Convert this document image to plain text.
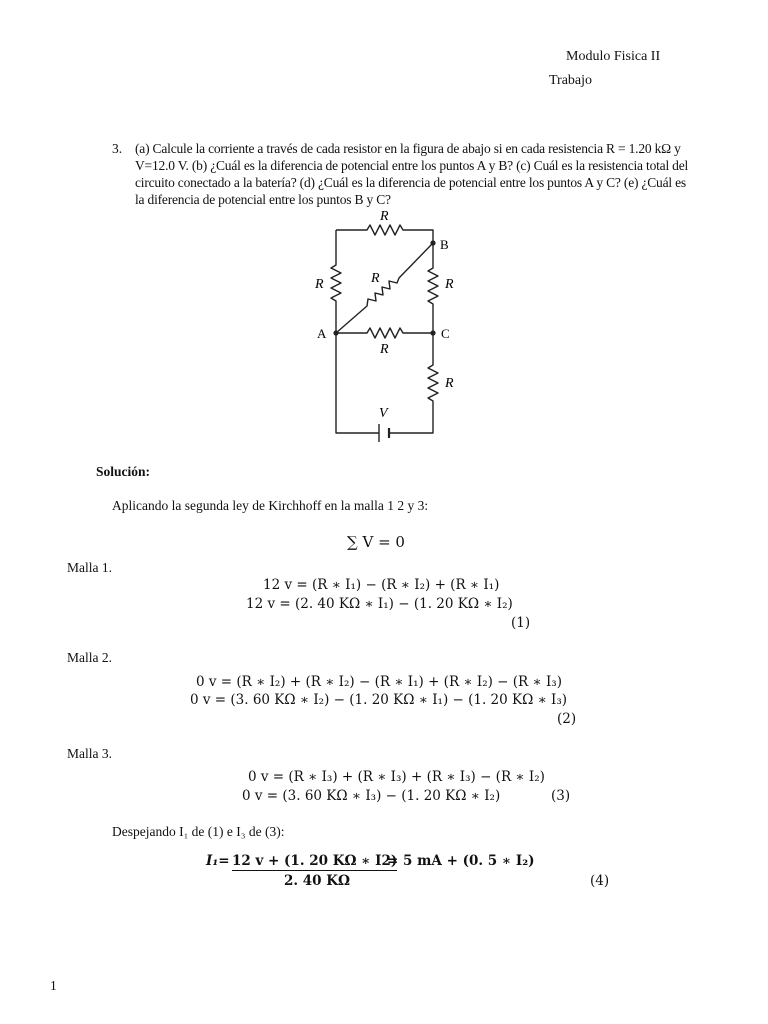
Modulo Fisica II
Trabajo
3. (a) Calcule la corriente a través de cada resistor en la figura de abajo si en cada resistencia R = 1.20 kΩ y V=12.0 V. (b) ¿Cuál es la diferencia de potencial entre los puntos A y B? (c) Cuál es la resistencia total del circuito conectado a la batería? (d) ¿Cuál es la diferencia de potencial entre los puntos A y C? (e) ¿Cuál es la diferencia de potencial entre los puntos B y C?
R
R	R	R
R
R
V
A
B
C
Solución:
Aplicando la segunda ley de Kirchhoff en la malla 1 2 y 3:
∑ V = 0
Malla 1.
12 v = (R ∗ I₁) − (R ∗ I₂) + (R ∗ I₁)
12 v = (2. 40 KΩ ∗ I₁) − (1. 20 KΩ ∗ I₂)
(1)
Malla 2.
0 v = (R ∗ I₂) + (R ∗ I₂) − (R ∗ I₁) + (R ∗ I₂) − (R ∗ I₃)
0 v = (3. 60 KΩ ∗ I₂) − (1. 20 KΩ ∗ I₁) − (1. 20 KΩ ∗ I₃)
(2)
Malla 3.
0 v = (R ∗ I₃) + (R ∗ I₃) + (R ∗ I₃) − (R ∗ I₂)
0 v = (3. 60 KΩ ∗ I₃) − (1. 20 KΩ ∗ I₂)	(3)
Despejando I₁ de (1) e I₃ de (3):
I₁= 12 v + (1. 20 KΩ ∗ I2)
= 5 mA + (0. 5 ∗ I₂)
2. 40 KΩ	(4)
1
